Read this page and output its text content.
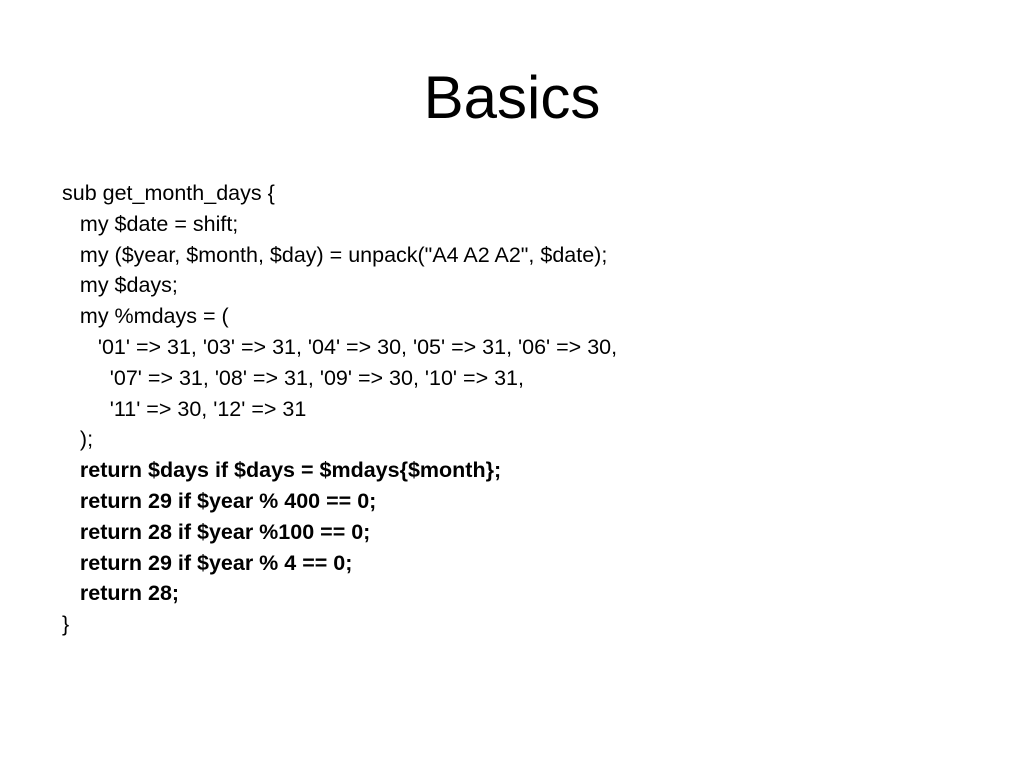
Basics
sub get_month_days {
my $date = shift;
my ($year, $month, $day) = unpack("A4 A2 A2", $date);
my $days;
my %mdays = (
'01' => 31, '03' => 31, '04' => 30, '05' => 31, '06' => 30,
'07' => 31, '08' => 31, '09' => 30, '10' => 31,
'11' => 30, '12' => 31
);
return $days if $days = $mdays{$month};
return 29 if $year % 400 == 0;
return 28 if $year %100 == 0;
return 29 if $year % 4 == 0;
return 28;
}
